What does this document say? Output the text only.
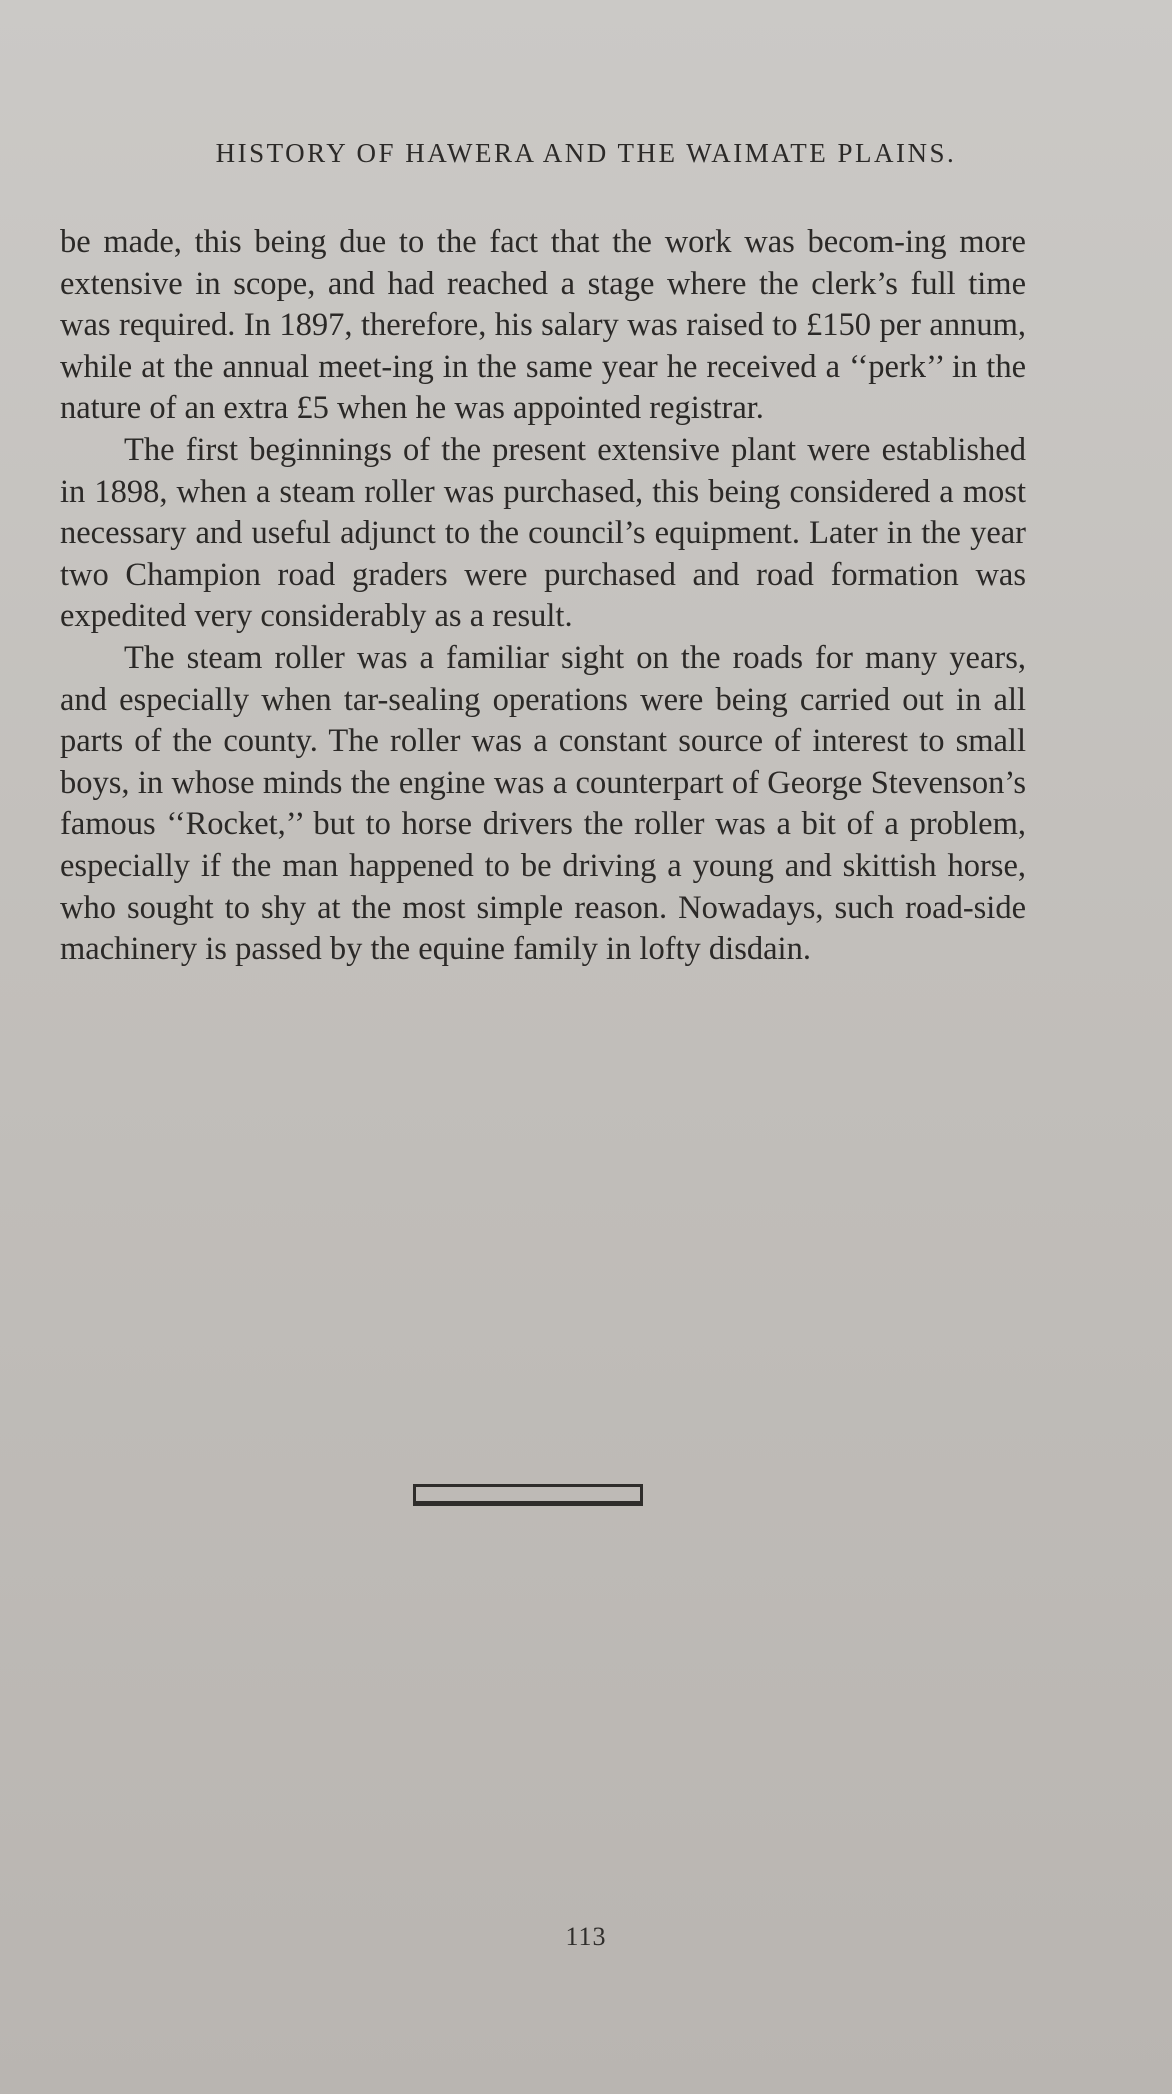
HISTORY OF HAWERA AND THE WAIMATE PLAINS.

be made, this being due to the fact that the work was becom-ing more extensive in scope, and had reached a stage where the clerk’s full time was required. In 1897, therefore, his salary was raised to £150 per annum, while at the annual meet-ing in the same year he received a ‘‘perk’’ in the nature of an extra £5 when he was appointed registrar.

The first beginnings of the present extensive plant were established in 1898, when a steam roller was purchased, this being considered a most necessary and useful adjunct to the council’s equipment. Later in the year two Champion road graders were purchased and road formation was expedited very considerably as a result.

The steam roller was a familiar sight on the roads for many years, and especially when tar-sealing operations were being carried out in all parts of the county. The roller was a constant source of interest to small boys, in whose minds the engine was a counterpart of George Stevenson’s famous ‘‘Rocket,’’ but to horse drivers the roller was a bit of a problem, especially if the man happened to be driving a young and skittish horse, who sought to shy at the most simple reason. Nowadays, such road-side machinery is passed by the equine family in lofty disdain.

113
